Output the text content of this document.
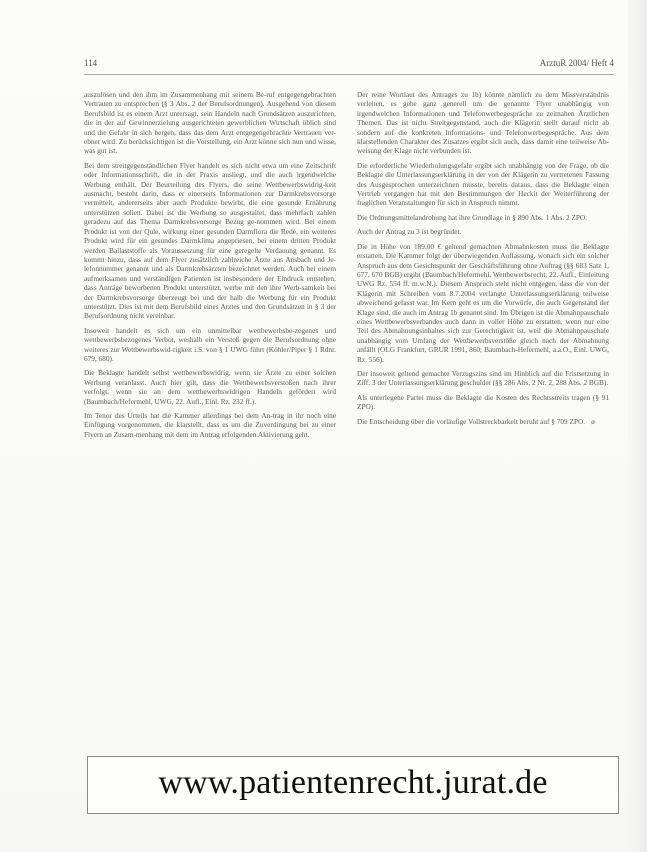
114	ArztuR 2004/ Heft 4

auszulösen und den ihm im Zusammenhang mit seinem Be-ruf entgegengebrachten Vertrauen zu entsprechen (§ 3 Abs. 2 der Berufsordnungen). Ausgehend von diesem Berufsbild ist es einem Arzt untersagt, sein Handeln nach Grundsätzen auszurichten, die in der auf Gewinnerzielung ausgerichteten gewerblichen Wirtschaft üblich sind und die Gefahr in sich bergen, dass das dem Arzt entgegengebrachte Vertrauen ver-ebnet wird. Zu berücksichtigen ist die Vorstellung, ein Arzt könne sich nun und wisse, was gut ist.

Bei dem streitgegenständlichen Flyer handelt es sich nicht etwa um eine Zeitschrift oder Informationsschrift, die in der Praxis ausliegt, und die auch irgendwelche Werbung enthält. Der Beurteilung des Flyers, die seine Wettbewerbswidrig-keit ausmacht, besteht darin, dass er einerseits Informationen zur Darmkrebsvorsorge vermittelt, andererseits aber auch Produkte bewirbt, die eine gesunde Ernährung unterstützen sollen. Dabei ist die Werbung so ausgestaltet, dass mehrfach zahlen geradezu auf das Thema Darmkrebsvorsorge Bezug ge-nommen wird. Bei einem Produkt ist von der Qule, wirkung einer gesunden Darmflora die Rede, ein weiteres Produkt wird für ein gesundes Darmklima angepriesen, bei einem dritten Produkt werden Ballaststoffe als Voraussetzung für eine geregelte Verdauung genannt. Es kommt hinzu, dass auf dem Flyer zusätzlich zahlreiche Ärzte aus Ansbach und Je-lefonnummer genannt und als Darmkrebsärzten bezeichnet werden. Auch bei einem aufmerksamen und verständigen Patienten ist insbesondere der Eindruck entstehen, dass Anträge beworbenen Produkt unterstützt, werbe mit den ihre Werb-samkeit bei der Darmkrebsvorsorge überzeugt bei und der halb die Werbung für ein Produkt unterstützt. Dies ist mit dem Berufsbild eines Arztes und den Grundsätzen in § 3 der Berufsordnung nicht vereinbar.

Insoweit handelt es sich um ein unmittelbar wettbewerbsbe-zogenes und wettbewerbsbezogenes Verbot, weshalb ein Verstoß gegen die Berufsordnung ohne weiteres zur Wettbewerbswid-rigkeit i.S. von § 1 UWG führt (Köhler/Piper § 1 Rdnr. 679, 680).

Die Beklagte handelt selbst wettbewerbswidrig, wenn sie Ärzte zu einer solchen Werbung veranlasst. Auch hier gilt, dass die Wettbewerbsverstoßen nach ihrer verfolgt, wenn sie an dem wettbewerbswidrigen Handeln gefördert wird (Baumbach/Hefermehl, UWG, 22. Aufl., Einl. Rz. 232 ff.).

Im Tenor des Urteils hat die Kammer allerdings bei dem An-trag in ihr noch eine Einfügung vorgenommen, die klarstellt, dass es um die Zuverdingung bei zu einer Flyern an Zusam-menhang mit dem im Antrag erfolgenden Aktivierung geht.

Der reine Wortlaut des Antrages zu 1b) könnte nämlich zu dem Missverständnis verleiten, es gehe ganz generell um die genannte Flyer unabhängig von irgendwelchen Informationen und Telefonwerbegespräche zu zeitnahen Ärztlichen Themen. Das ist nicht Streitgegenstand, auch die Klägerin stellt darauf nicht ab sondern auf die konkreten Informations- und Telefonwerbegespräche. Aus dem klarstellenden Charakter des Zusatzes ergibt sich auch, dass damit eine teilweise Ab-weisung der Klage nicht verbunden ist.

Die erforderliche Wiederholungsgefahr ergibt sich unabhängig von der Frage, ob die Beklagte die Unterlassungserklärung in der von der Klägerin zu vertretenen Fassung des Ausgesprochen unterzeichnen musste, bereits daraus, dass die Beklagte einen Vertrieb vergangen hat mit den Bestimmungen der Heckit der Weiterführung der fraglichen Veranstaltungen für sich in Anspruch nimmt.

Die Ordnungsmittelandrohung hat ihre Grundlage in § 890 Abs. 1 Abs. 2 ZPO.

Auch der Antrag zu 3 ist begründet.

Die in Höhe von 189,00 € geltend gemachten Abmahnkosten muss die Beklagte erstatten. Die Kammer folgt der überwiegenden Auffassung, wonach sich ein solcher Anspruch aus dem Gesichtspunkt der Geschäftsführung ohne Auftrag (§§ 683 Satz 1, 677, 670 BGB) ergibt (Baumbach/Hefermehl, Wettbewerbsrecht, 22. Aufl., Einleitung UWG Rz. 554 ff. m.w.N.). Diesem Anspruch steht nicht entgegen, dass die von der Klägerin mit Schreiben vom 8.7.2004 verlangte Unterlassungserklärung teilweise abweichend gefasst war. Im Kern geht es um die Vorwürfe, die auch Gegenstand der Klage sind, die auch im Antrag 1b genannt sind. Im Übrigen ist die Abmahnpauschale eines Wettbewerbsverbandes auch dann in voller Höhe zu erstatten, wenn nur eine Teil des Abmahnungsinhaltes sich zur Gerechtigkeit ist, weil die Abmahnpauschale unabhängig vom Umfang der Wettbewerbsverstöße gleich nach der Abmahnung anfällt (OLG Frankfurt, GRUR 1991, 860; Baumbach-Hefermehl, a.a.O., Einl. UWG, Rz. 556).

Der insoweit geltend gemachte Verzugszins sind im Hinblick auf die Fristsetzung in Ziff. 3 der Unterlassungserklärung geschuldet (§§ 286 Abs. 2 Nr. 2, 288 Abs. 2 BGB).

Als unterlegene Partei muss die Beklagte die Kosten des Rechtsstreits tragen (§ 91 ZPO).

Die Entscheidung über die vorläufige Vollstreckbarkeit beruht auf § 709 ZPO. ø

www.patientenrecht.jurat.de
